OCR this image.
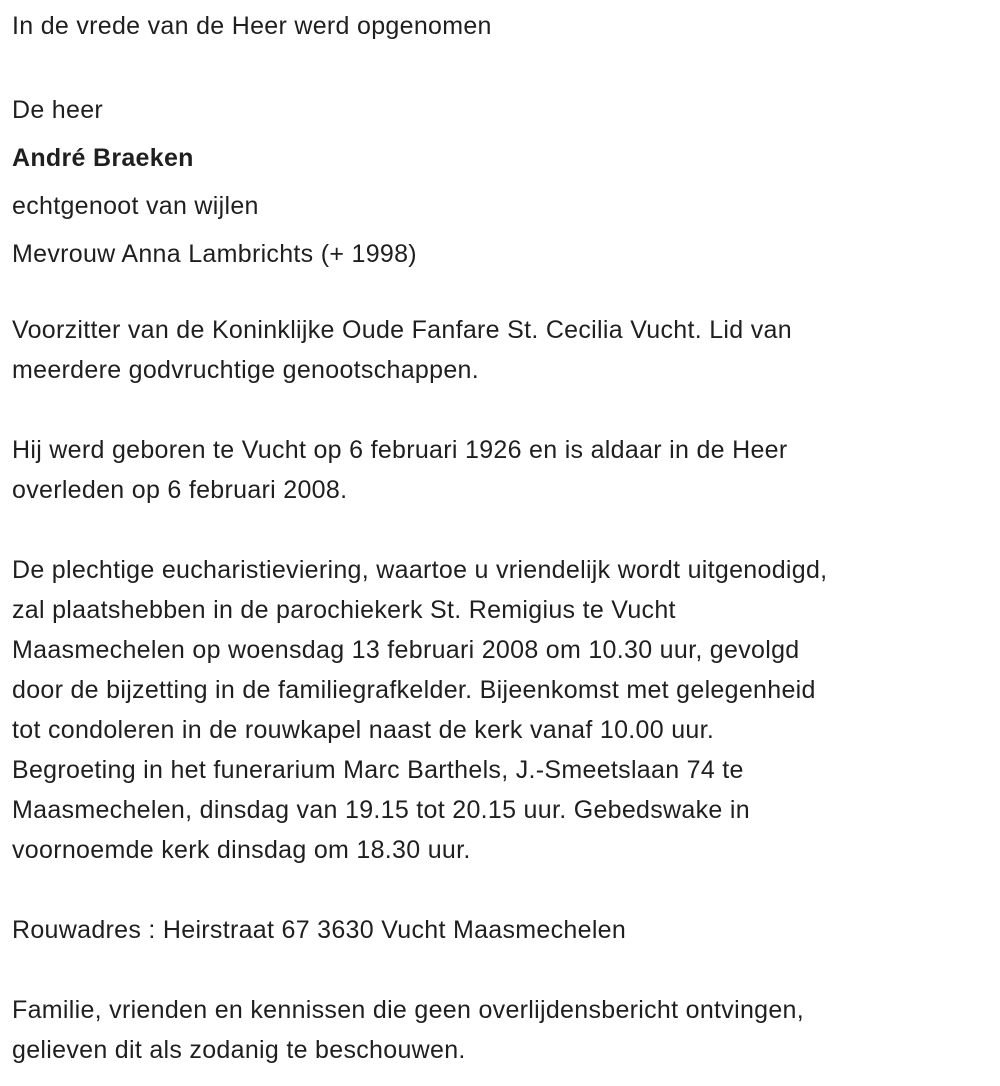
In de vrede van de Heer werd opgenomen
De heer
André Braeken
echtgenoot van wijlen
Mevrouw Anna Lambrichts (+ 1998)
Voorzitter van de Koninklijke Oude Fanfare St. Cecilia Vucht. Lid van
meerdere godvruchtige genootschappen.
Hij werd geboren te Vucht op 6 februari 1926 en is aldaar in de Heer
overleden op 6 februari 2008.
De plechtige eucharistieviering, waartoe u vriendelijk wordt uitgenodigd,
zal plaatshebben in de parochiekerk St. Remigius te Vucht
Maasmechelen op woensdag 13 februari 2008 om 10.30 uur, gevolgd
door de bijzetting in de familiegrafkelder. Bijeenkomst met gelegenheid
tot condoleren in de rouwkapel naast de kerk vanaf 10.00 uur.
Begroeting in het funerarium Marc Barthels, J.-Smeetslaan 74 te
Maasmechelen, dinsdag van 19.15 tot 20.15 uur. Gebedswake in
voornoemde kerk dinsdag om 18.30 uur.
Rouwadres : Heirstraat 67 3630 Vucht Maasmechelen
Familie, vrienden en kennissen die geen overlijdensbericht ontvingen,
gelieven dit als zodanig te beschouwen.
